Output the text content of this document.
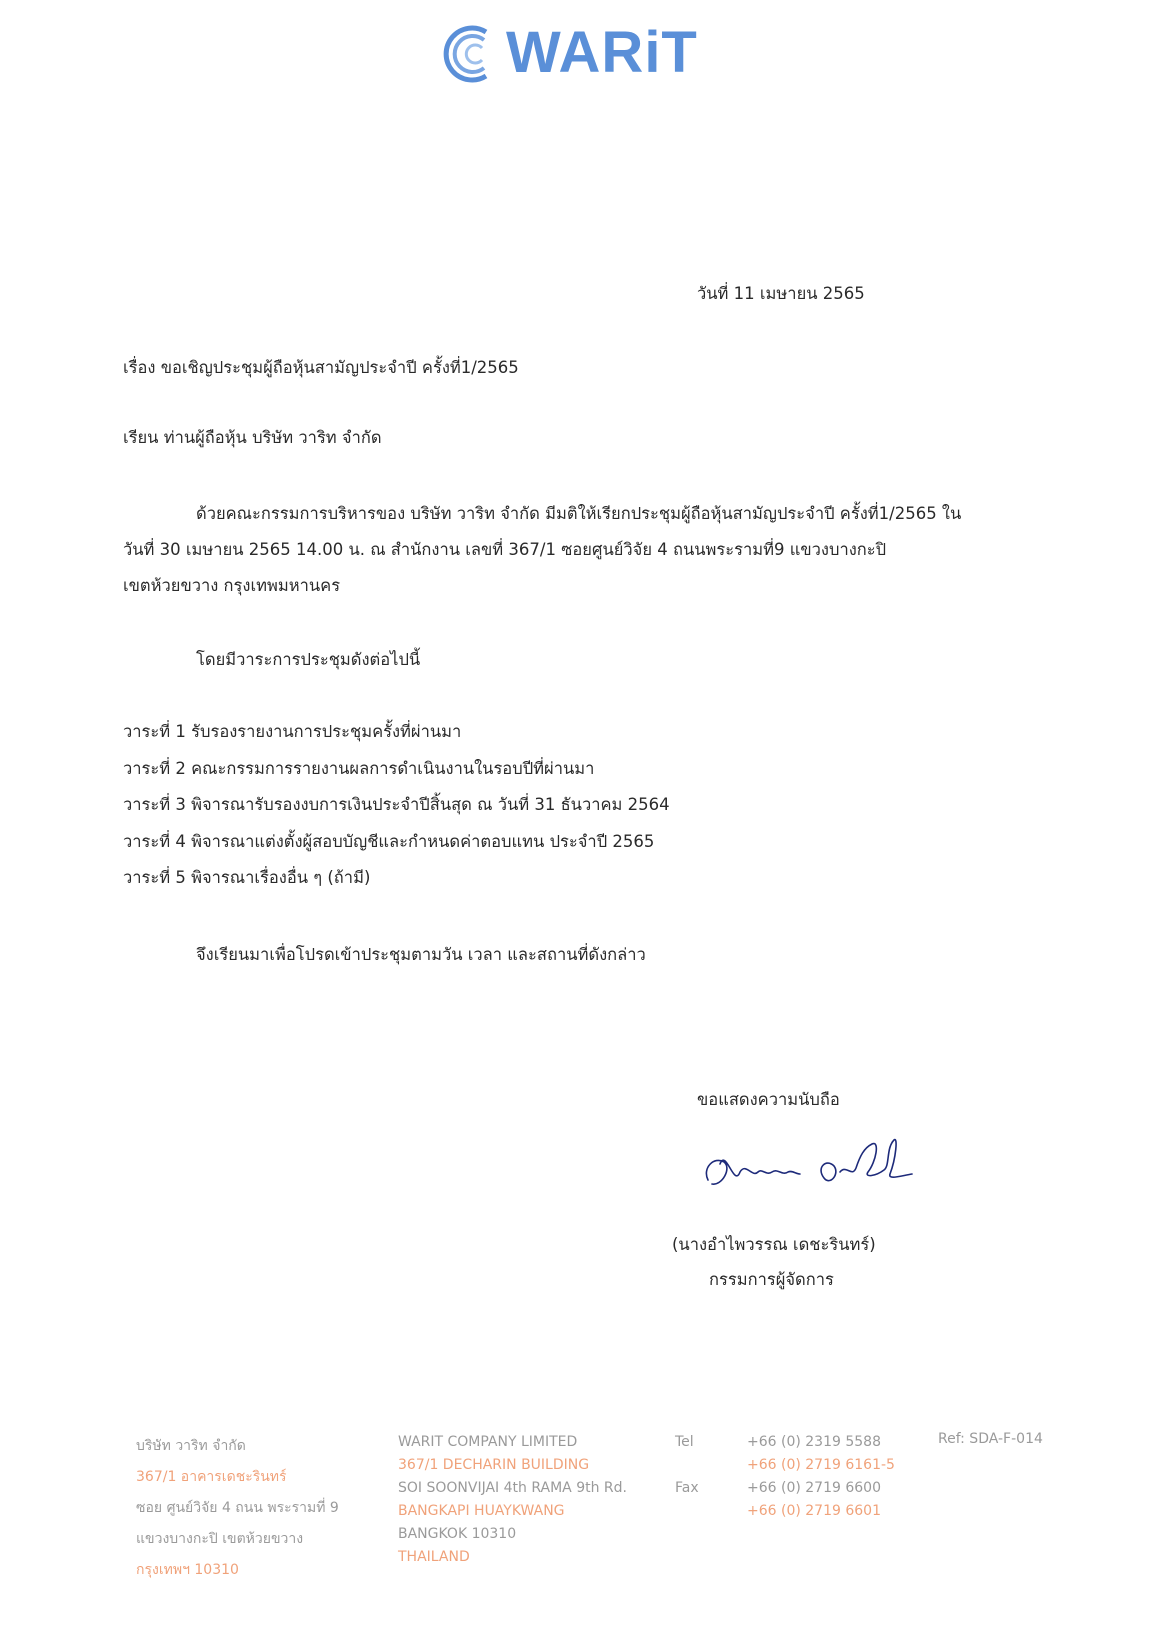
WARiT
วันที่ 11 เมษายน 2565
เรื่อง ขอเชิญประชุมผู้ถือหุ้นสามัญประจำปี ครั้งที่1/2565
เรียน ท่านผู้ถือหุ้น บริษัท วาริท จำกัด
ด้วยคณะกรรมการบริหารของ บริษัท วาริท จำกัด มีมติให้เรียกประชุมผู้ถือหุ้นสามัญประจำปี ครั้งที่1/2565 ใน
วันที่ 30 เมษายน 2565 14.00 น. ณ สำนักงาน เลขที่ 367/1 ซอยศูนย์วิจัย 4 ถนนพระรามที่9 แขวงบางกะปิ
เขตห้วยขวาง กรุงเทพมหานคร
โดยมีวาระการประชุมดังต่อไปนี้
วาระที่ 1 รับรองรายงานการประชุมครั้งที่ผ่านมา
วาระที่ 2 คณะกรรมการรายงานผลการดำเนินงานในรอบปีที่ผ่านมา
วาระที่ 3 พิจารณารับรองงบการเงินประจำปีสิ้นสุด ณ วันที่ 31 ธันวาคม 2564
วาระที่ 4 พิจารณาแต่งตั้งผู้สอบบัญชีและกำหนดค่าตอบแทน ประจำปี 2565
วาระที่ 5 พิจารณาเรื่องอื่น ๆ (ถ้ามี)
จึงเรียนมาเพื่อโปรดเข้าประชุมตามวัน เวลา และสถานที่ดังกล่าว
ขอแสดงความนับถือ
(นางอำไพวรรณ เดชะรินทร์)
กรรมการผู้จัดการ
บริษัท วาริท จำกัด
367/1 อาคารเดชะรินทร์
ซอย ศูนย์วิจัย 4 ถนน พระรามที่ 9
แขวงบางกะปิ เขตห้วยขวาง
กรุงเทพฯ 10310
WARIT COMPANY LIMITED
367/1 DECHARIN BUILDING
SOI SOONVIJAI 4th RAMA 9th Rd.
BANGKAPI HUAYKWANG
BANGKOK 10310
THAILAND
Tel

Fax
+66 (0) 2319 5588
+66 (0) 2719 6161-5
+66 (0) 2719 6600
+66 (0) 2719 6601
Ref: SDA-F-014
